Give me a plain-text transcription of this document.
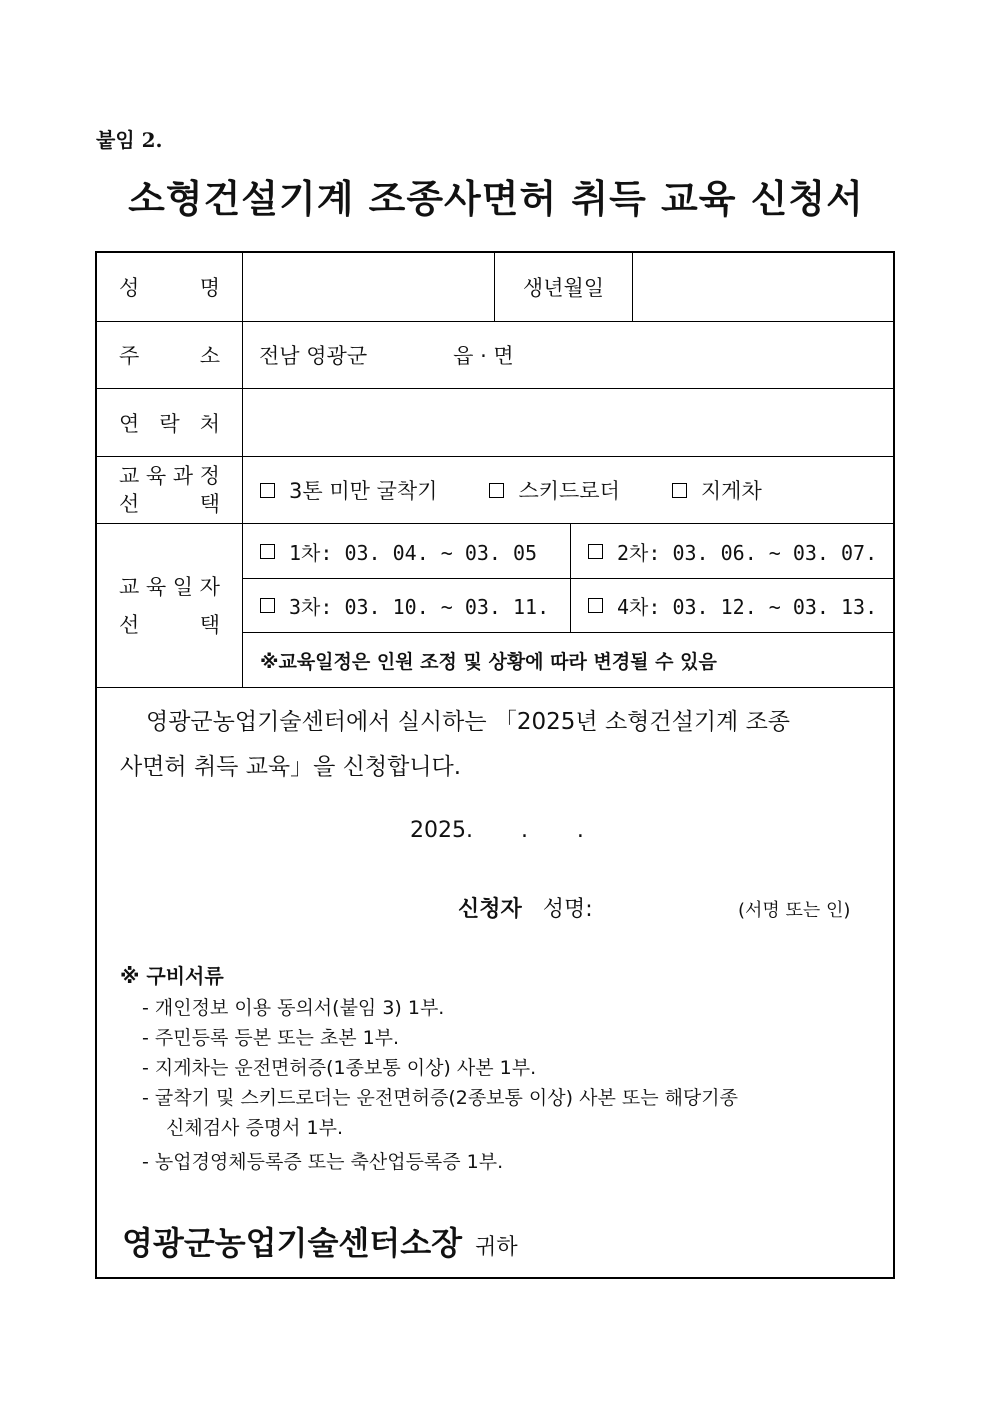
붙임 2.
소형건설기계 조종사면허 취득 교육 신청서
성	명	생년월일
주	소 전남 영광군	읍 · 면
연 락 처
교 육 과 정
선	택
3톤 미만 굴착기	스키드로더	지게차
교 육 일 자
선	택
1차: 03. 04. ~ 03. 05	2차: 03. 06. ~ 03. 07.
3차: 03. 10. ~ 03. 11.	4차: 03. 12. ~ 03. 13.
※교육일정은 인원 조정 및 상황에 따라 변경될 수 있음
영광군농업기술센터에서 실시하는 「2025년 소형건설기계 조종
사면허 취득 교육」을 신청합니다.
2025. .       .
신청자 성명:	(서명 또는 인)
※ 구비서류
- 개인정보 이용 동의서(붙임 3) 1부.
- 주민등록 등본 또는 초본 1부.
- 지게차는 운전면허증(1종보통 이상) 사본 1부.
- 굴착기 및 스키드로더는 운전면허증(2종보통 이상) 사본 또는 해당기종
신체검사 증명서 1부.
- 농업경영체등록증 또는 축산업등록증 1부.
영광군농업기술센터소장 귀하
